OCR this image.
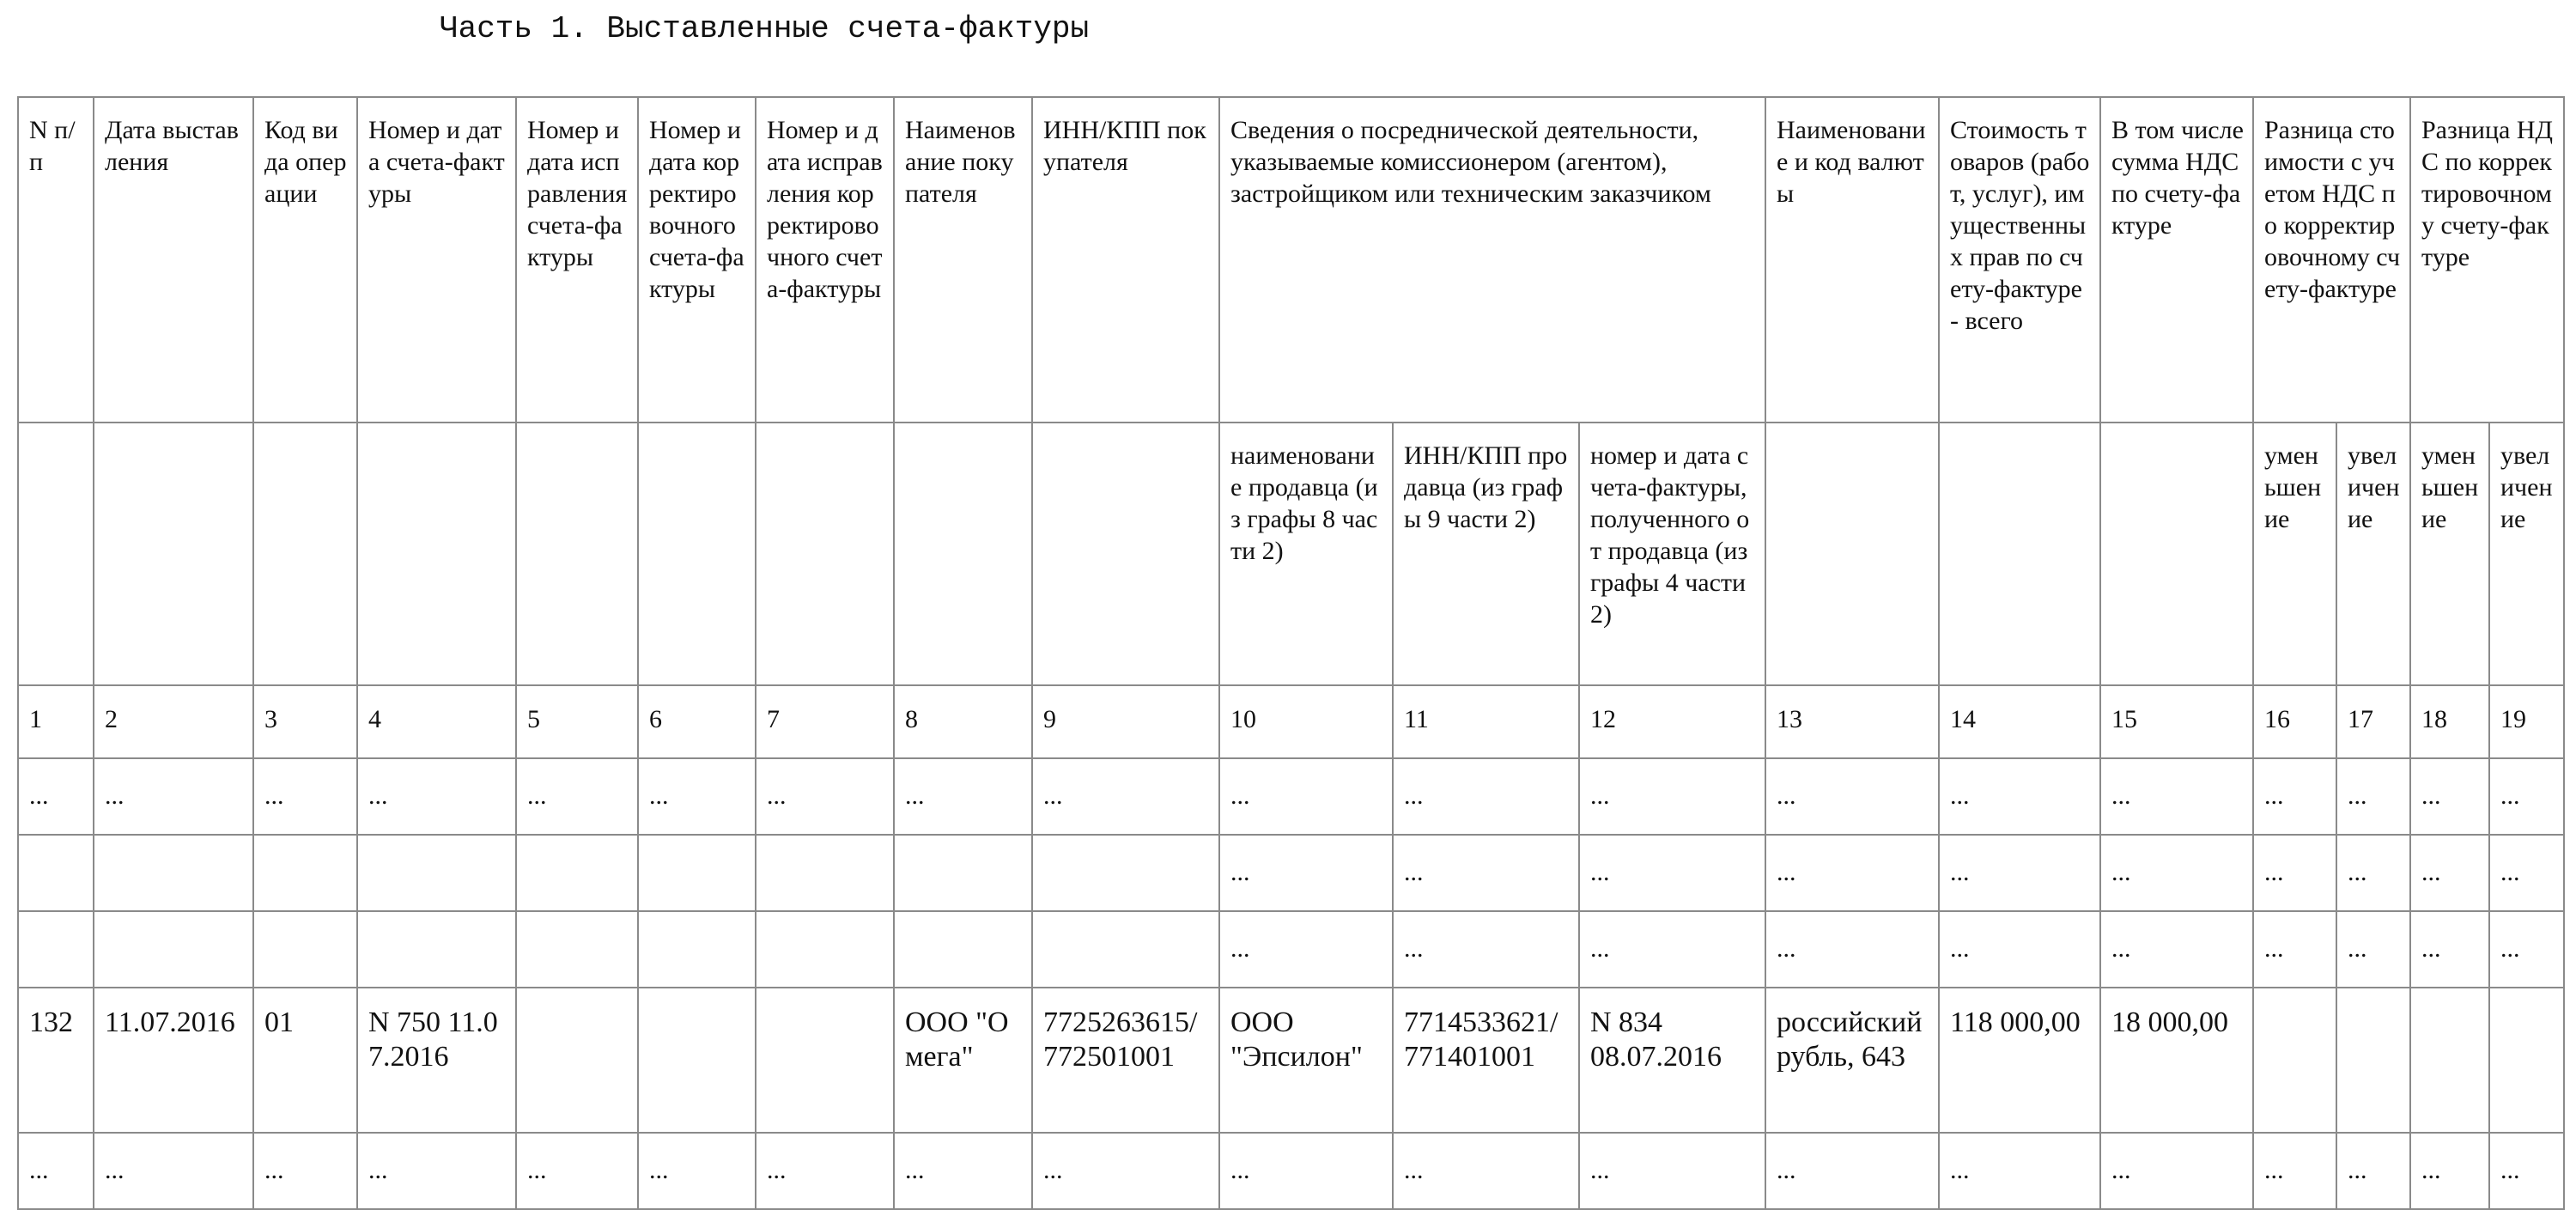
Часть 1. Выставленные счета-фактуры
N п/п	Дата выставления	Код вида операции	Номер и дата счета-фактуры	Номер и дата исправления счета-фактуры	Номер и дата корректировочного счета-фактуры	Номер и дата исправления корректировочного счета-фактуры	Наименование покупателя	ИНН/КПП покупателя	Сведения о посреднической деятельности, указываемые комиссионером (агентом), застройщиком или техническим заказчиком			Наименование и код валюты	Стоимость товаров (работ, услуг), имущественных прав по счету-фактуре - всего	В том числе сумма НДС по счету-фактуре	Разница стоимости с учетом НДС по корректировочному счету-фактуре		Разница НДС по корректировочному счету-фактуре	
									наименование продавца (из графы 8 части 2)	ИНН/КПП продавца (из графы 9 части 2)	номер и дата счета-фактуры, полученного от продавца (из графы 4 части 2)				уменьшение	увеличение	уменьшение	увеличение
1	2	3	4	5	6	7	8	9	10	11	12	13	14	15	16	17	18	19
...	...	...	...	...	...	...	...	...	...	...	...	...	...	...	...	...	...	...
									...	...	...	...	...	...	...	...	...	...
									...	...	...	...	...	...	...	...	...	...
132	11.07.2016	01	N 750 11.07.2016				ООО "Омега"	7725263615/772501001	ООО "Эпсилон"	7714533621/771401001	N 834 08.07.2016	российский рубль, 643	118 000,00	18 000,00				
...	...	...	...	...	...	...	...	...	...	...	...	...	...	...	...	...	...	...
